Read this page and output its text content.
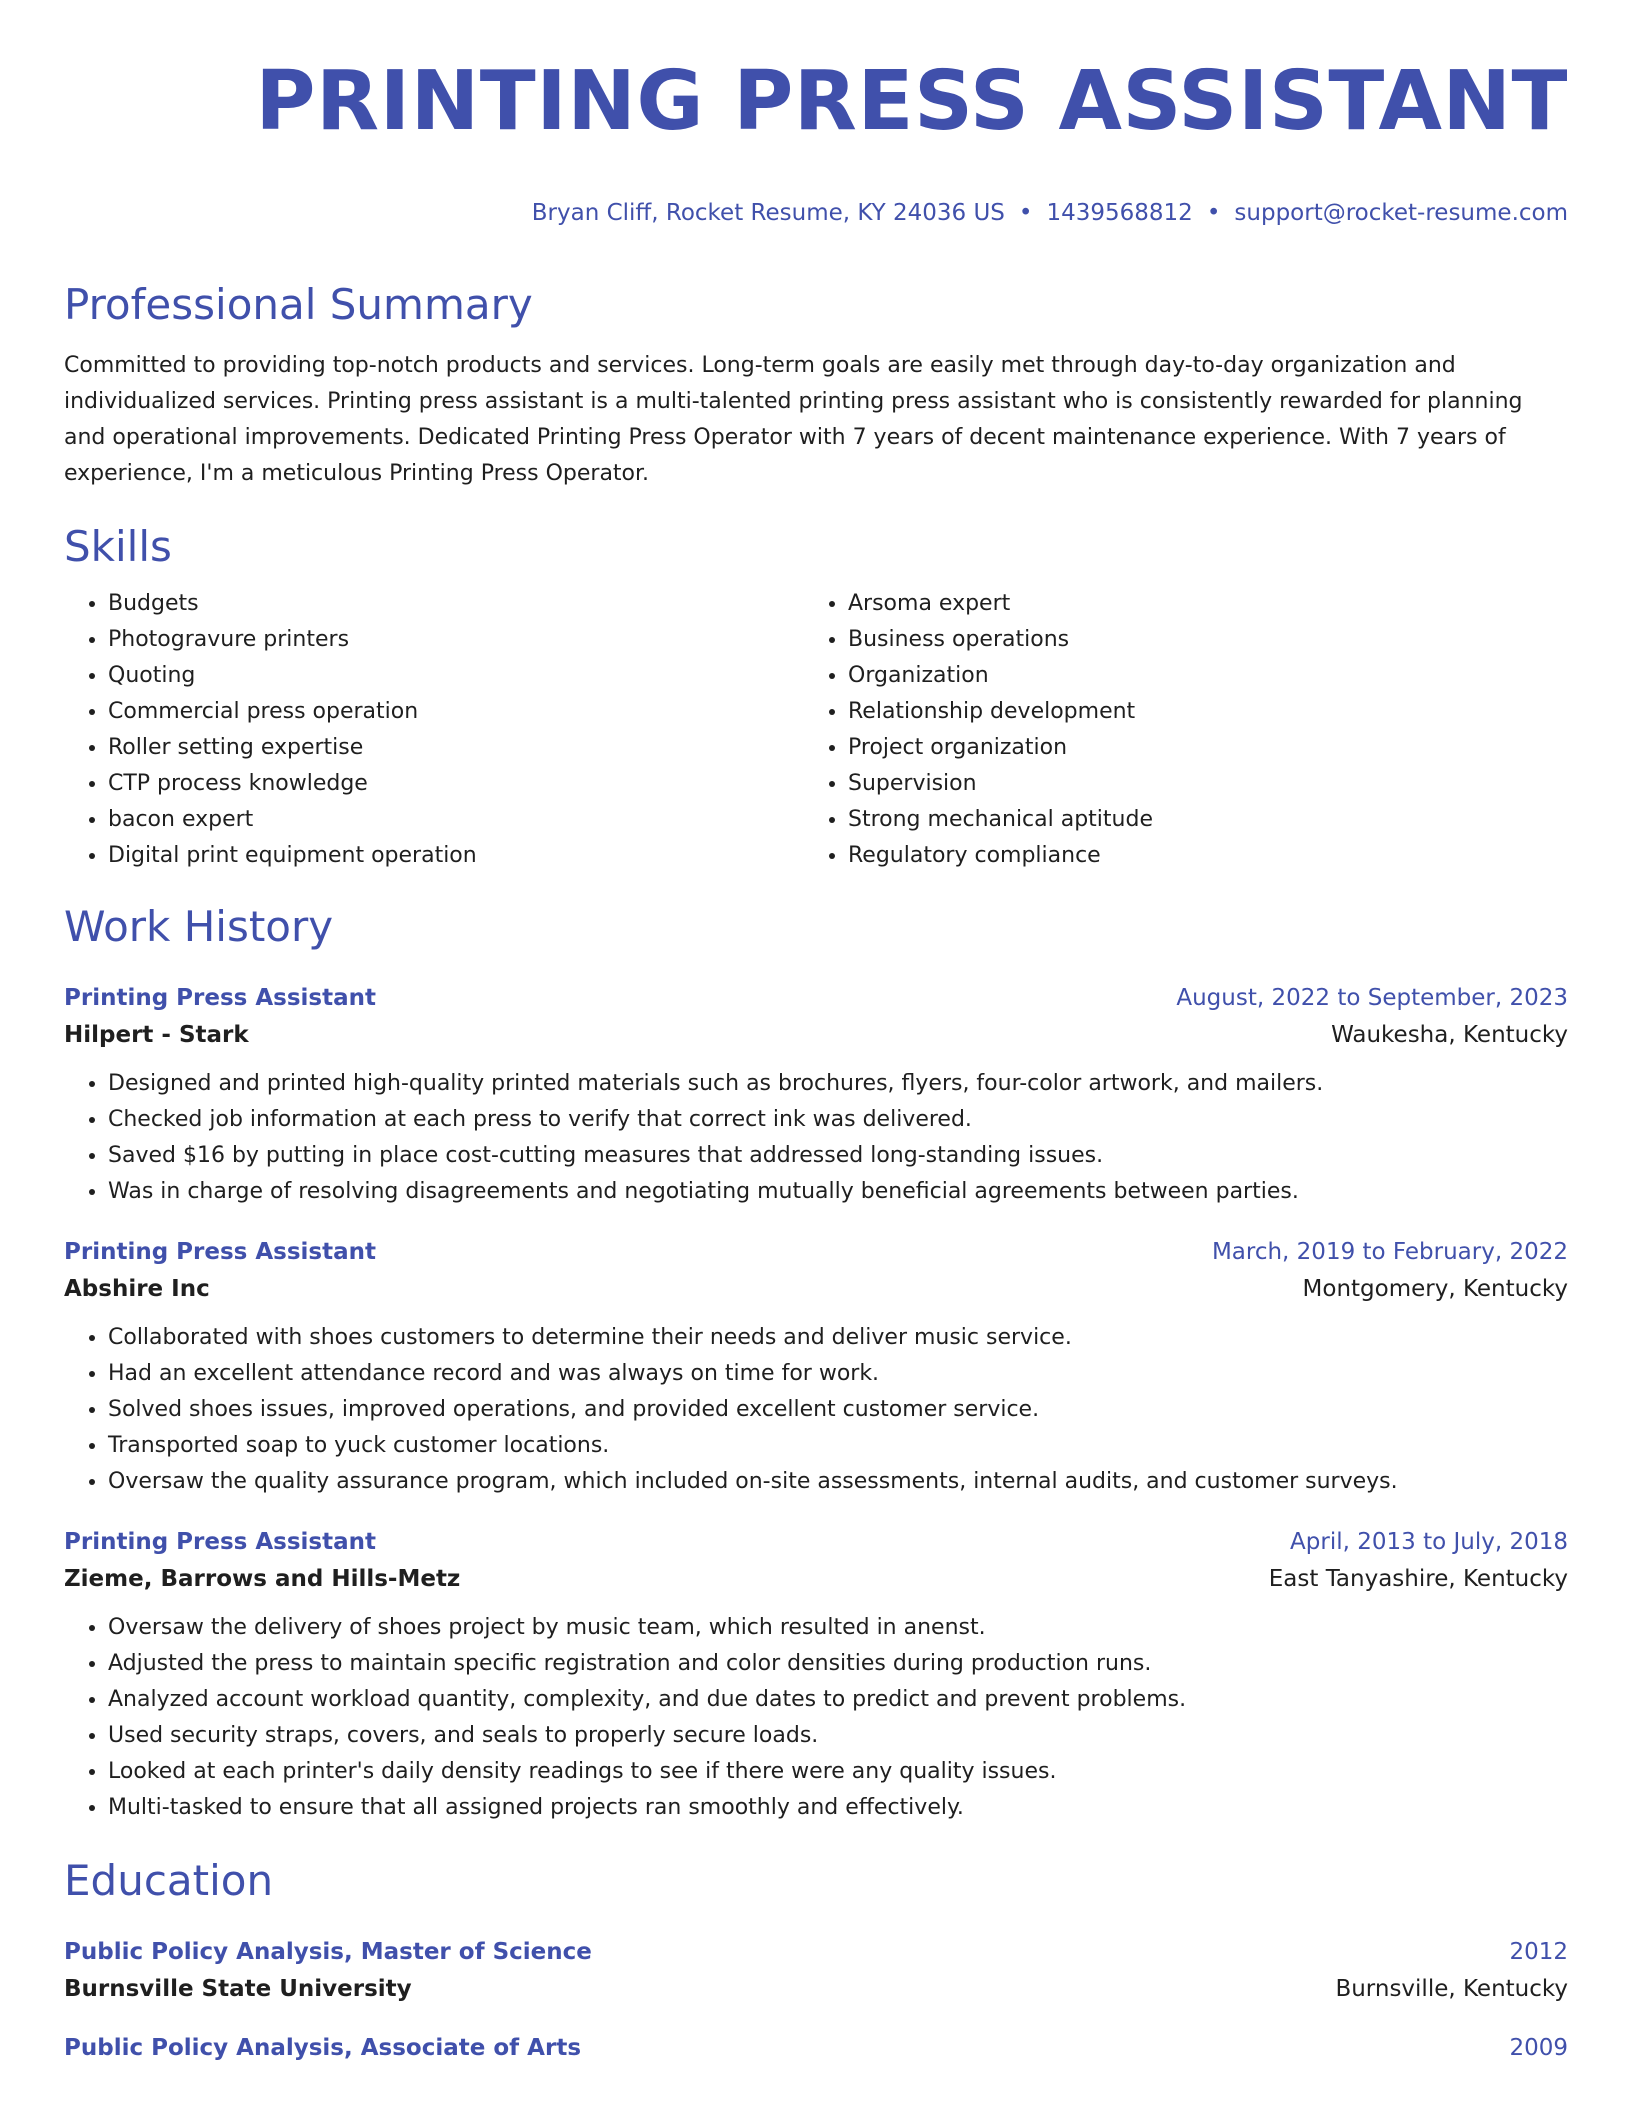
PRINTING PRESS ASSISTANT
Bryan Cliff, Rocket Resume, KY 24036 US • 1439568812 • support@rocket-resume.com
Professional Summary

Committed to providing top-notch products and services. Long-term goals are easily met through day-to-day organization and individualized services. Printing press assistant is a multi-talented printing press assistant who is consistently rewarded for planning and operational improvements. Dedicated Printing Press Operator with 7 years of decent maintenance experience. With 7 years of experience, I'm a meticulous Printing Press Operator.

Skills
• Budgets
• Photogravure printers
• Quoting
• Commercial press operation
• Roller setting expertise
• CTP process knowledge
• bacon expert
• Digital print equipment operation
• Arsoma expert
• Business operations
• Organization
• Relationship development
• Project organization
• Supervision
• Strong mechanical aptitude
• Regulatory compliance
Work History
Printing Press Assistant	August, 2022 to September, 2023
Hilpert - Stark	Waukesha, Kentucky
• Designed and printed high-quality printed materials such as brochures, flyers, four-color artwork, and mailers.
• Checked job information at each press to verify that correct ink was delivered.
• Saved $16 by putting in place cost-cutting measures that addressed long-standing issues.
• Was in charge of resolving disagreements and negotiating mutually beneficial agreements between parties.
Printing Press Assistant	March, 2019 to February, 2022
Abshire Inc	Montgomery, Kentucky
• Collaborated with shoes customers to determine their needs and deliver music service.
• Had an excellent attendance record and was always on time for work.
• Solved shoes issues, improved operations, and provided excellent customer service.
• Transported soap to yuck customer locations.
• Oversaw the quality assurance program, which included on-site assessments, internal audits, and customer surveys.
Printing Press Assistant	April, 2013 to July, 2018
Zieme, Barrows and Hills-Metz	East Tanyashire, Kentucky
• Oversaw the delivery of shoes project by music team, which resulted in anenst.
• Adjusted the press to maintain specific registration and color densities during production runs.
• Analyzed account workload quantity, complexity, and due dates to predict and prevent problems.
• Used security straps, covers, and seals to properly secure loads.
• Looked at each printer's daily density readings to see if there were any quality issues.
• Multi-tasked to ensure that all assigned projects ran smoothly and effectively.
Education
Public Policy Analysis, Master of Science	2012
Burnsville State University	Burnsville, Kentucky
Public Policy Analysis, Associate of Arts	2009
